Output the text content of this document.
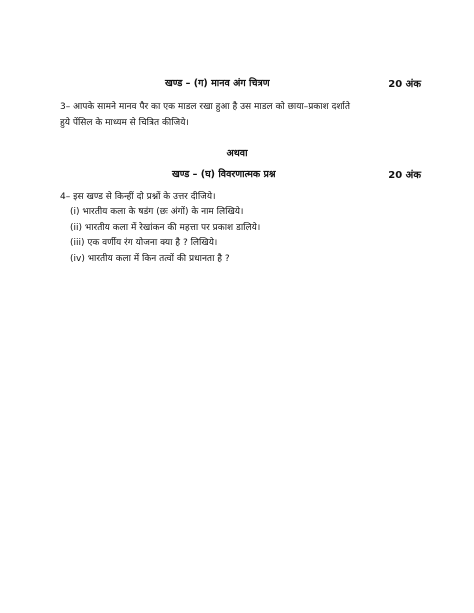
खण्ड – (ग) मानव अंग चित्रण	20 अंक
3– आपके सामने मानव पैर का एक माडल रखा हुआ है उस माडल को छाया–प्रकाश दर्शाते
हुये पेंसिल के माध्यम से चित्रित कीजिये।
अथवा
खण्ड – (घ) विवरणात्मक प्रश्न	20 अंक
4– इस खण्ड से किन्हीं दो प्रश्नों के उत्तर दीजिये।
(i) भारतीय कला के षडंग (छः अंगों) के नाम लिखिये।
(ii) भारतीय कला में रेखांकन की महत्ता पर प्रकाश डालिये।
(iii) एक वर्णीय रंग योजना क्या है ? लिखिये।
(iv) भारतीय कला में किन तत्वों की प्रधानता है ?
